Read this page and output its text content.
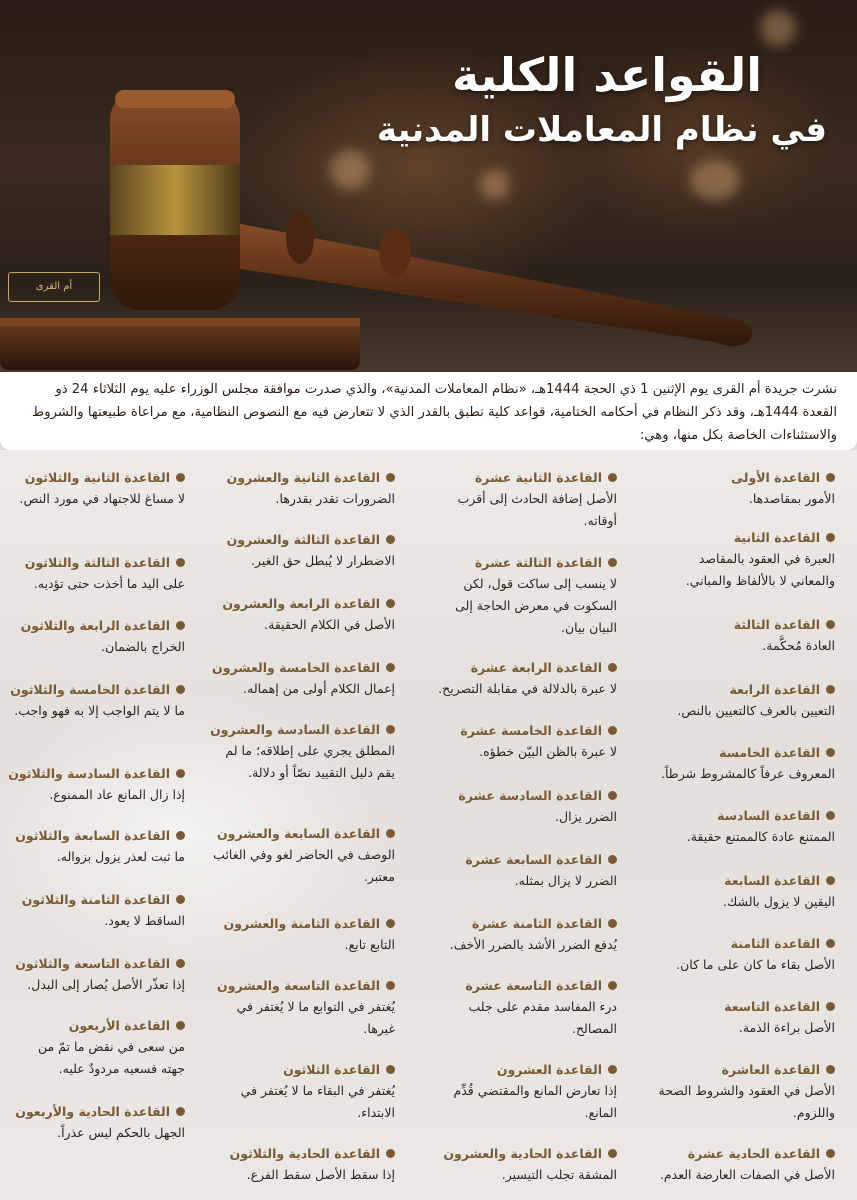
أم القرى
القواعد الكلية
في نظام المعاملات المدنية
نشرت جريدة أم القرى يوم الإثنين 1 ذي الحجة 1444هـ، «نظام المعاملات المدنية»، والذي صدرت موافقة مجلس الوزراء عليه يوم الثلاثاء 24 ذو القعدة 1444هـ، وقد ذكر النظام في أحكامه الختامية، قواعد كلية تطبق بالقدر الذي لا تتعارض فيه مع النصوص النظامية، مع مراعاة طبيعتها والشروط والاستثناءات الخاصة بكل منها، وهي:
القاعدة الأولى
الأمور بمقاصدها.
القاعدة الثانية
العبرة في العقود بالمقاصد والمعاني لا بالألفاظ والمباني.
القاعدة الثالثة
العادة مُحكَّمة.
القاعدة الرابعة
التعيين بالعرف كالتعيين بالنص.
القاعدة الخامسة
المعروف عرفاً كالمشروط شرطاً.
القاعدة السادسة
الممتنع عادة كالممتنع حقيقة.
القاعدة السابعة
اليقين لا يزول بالشك.
القاعدة الثامنة
الأصل بقاء ما كان على ما كان.
القاعدة التاسعة
الأصل براءة الذمة.
القاعدة العاشرة
الأصل في العقود والشروط الصحة واللزوم.
القاعدة الحادية عشرة
الأصل في الصفات العارضة العدم.
القاعدة الثانية عشرة
الأصل إضافة الحادث إلى أقرب أوقاته.
القاعدة الثالثة عشرة
لا ينسب إلى ساكت قول، لكن السكوت في معرض الحاجة إلى البيان بيان.
القاعدة الرابعة عشرة
لا عبرة بالدلالة في مقابلة التصريح.
القاعدة الخامسة عشرة
لا عبرة بالظن البيّن خطؤه.
القاعدة السادسة عشرة
الضرر يزال.
القاعدة السابعة عشرة
الضرر لا يزال بمثله.
القاعدة الثامنة عشرة
يُدفع الضرر الأشد بالضرر الأخف.
القاعدة التاسعة عشرة
درء المفاسد مقدم على جلب المصالح.
القاعدة العشرون
إذا تعارض المانع والمقتضي قُدِّم المانع.
القاعدة الحادية والعشرون
المشقة تجلب التيسير.
القاعدة الثانية والعشرون
الضرورات تقدر بقدرها.
القاعدة الثالثة والعشرون
الاضطرار لا يُبطل حق الغير.
القاعدة الرابعة والعشرون
الأصل في الكلام الحقيقة.
القاعدة الخامسة والعشرون
إعمال الكلام أولى من إهماله.
القاعدة السادسة والعشرون
المطلق يجري على إطلاقه؛ ما لم يقم دليل التقييد نصّاً أو دلالة.
القاعدة السابعة والعشرون
الوصف في الحاضر لغو وفي الغائب معتبر.
القاعدة الثامنة والعشرون
التابع تابع.
القاعدة التاسعة والعشرون
يُغتفر في التوابع ما لا يُغتفر في غيرها.
القاعدة الثلاثون
يُغتفر في البقاء ما لا يُغتفر في الابتداء.
القاعدة الحادية والثلاثون
إذا سقط الأصل سقط الفرع.
القاعدة الثانية والثلاثون
لا مساغ للاجتهاد في مورد النص.
القاعدة الثالثة والثلاثون
على اليد ما أخذت حتى تؤديه.
القاعدة الرابعة والثلاثون
الخراج بالضمان.
القاعدة الخامسة والثلاثون
ما لا يتم الواجب إلا به فهو واجب.
القاعدة السادسة والثلاثون
إذا زال المانع عاد الممنوع.
القاعدة السابعة والثلاثون
ما ثبت لعذر يزول بزواله.
القاعدة الثامنة والثلاثون
الساقط لا يعود.
القاعدة التاسعة والثلاثون
إذا تعذّر الأصل يُصار إلى البدل.
القاعدة الأربعون
من سعى في نقض ما تمّ من جهته فسعيه مردودٌ عليه.
القاعدة الحادية والأربعون
الجهل بالحكم ليس عذراً.
